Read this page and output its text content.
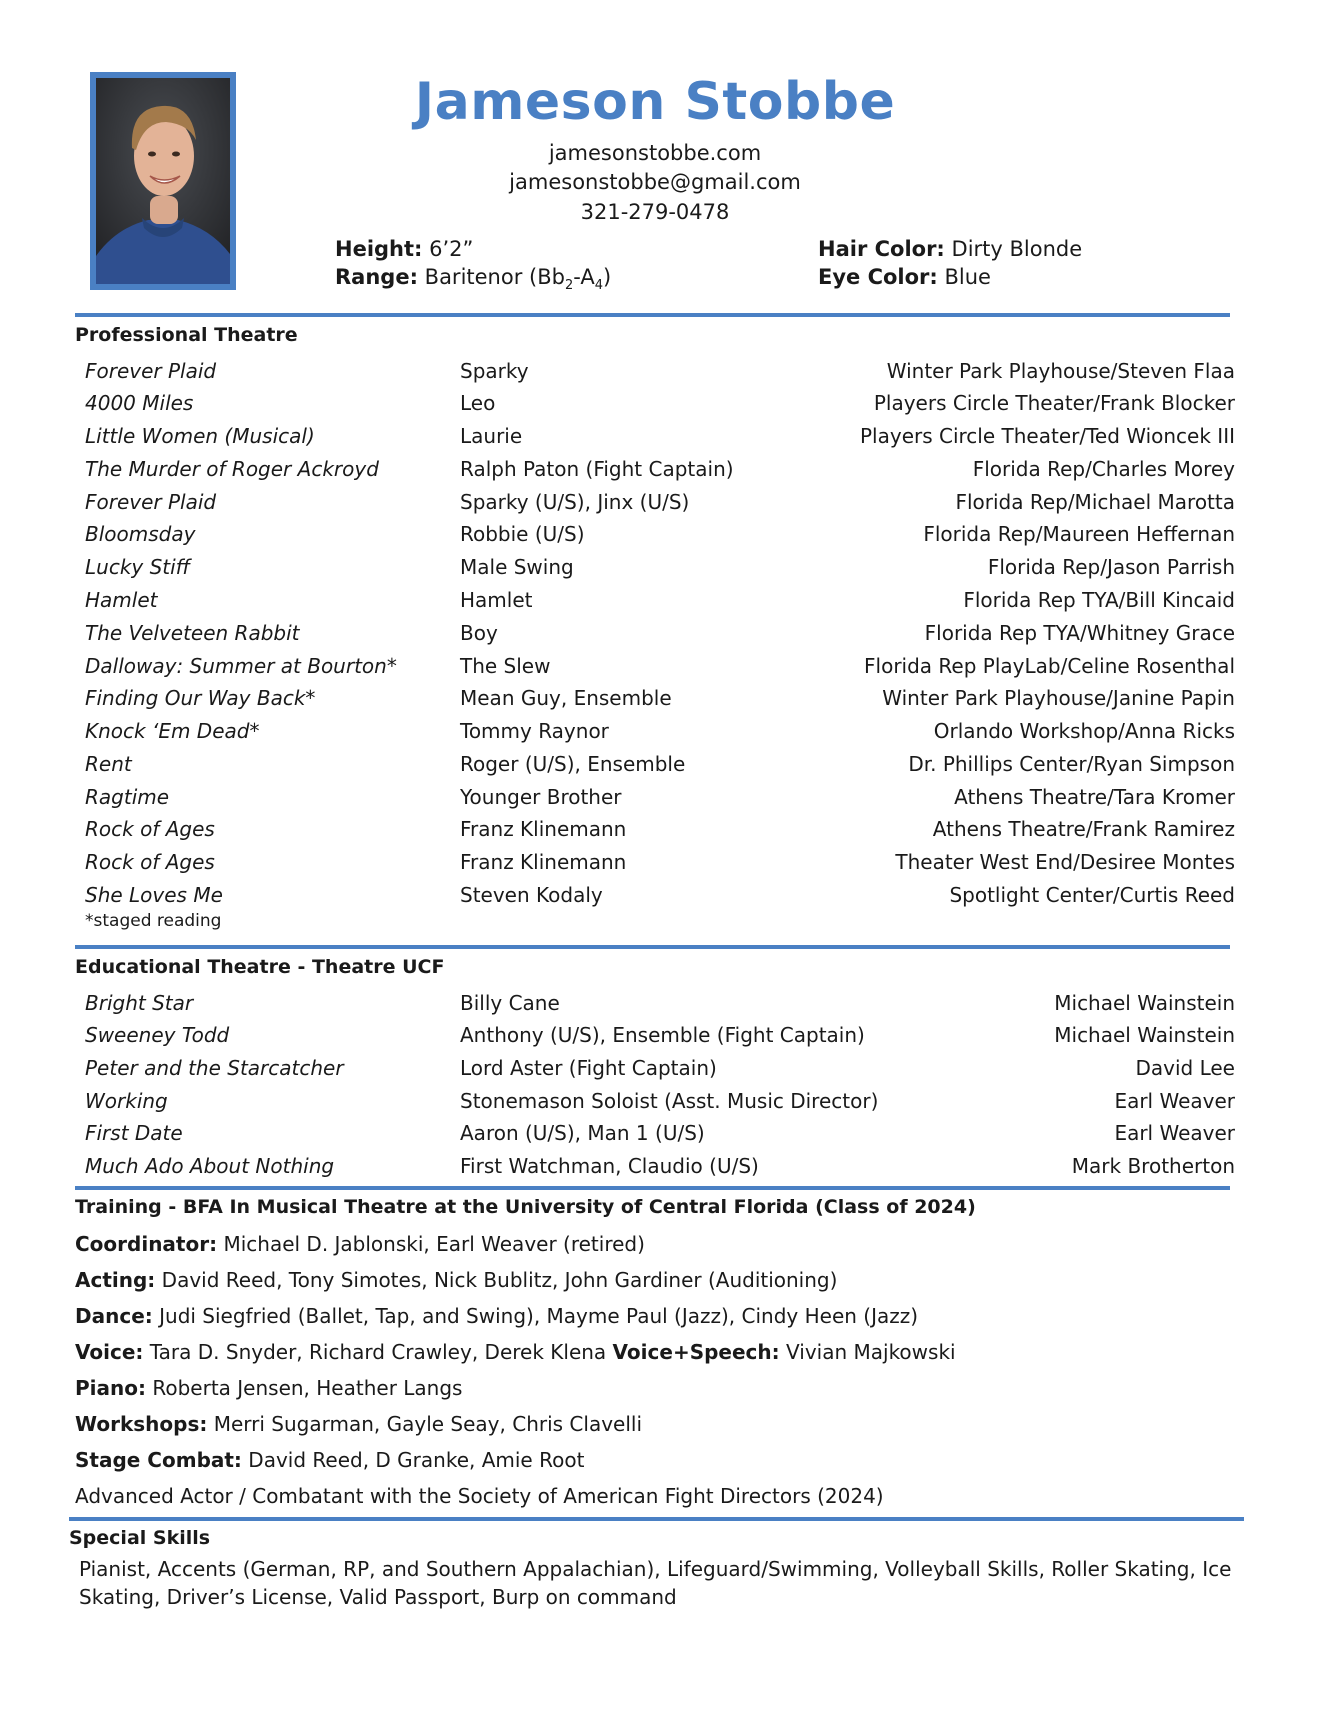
Jameson Stobbe
jamesonstobbe.com
jamesonstobbe@gmail.com
321-279-0478
Height: 6’2”
Range: Baritenor $(Bb_2-A_4)$
Hair Color: Dirty Blonde
Eye Color: Blue
Professional Theatre
Forever Plaid	Sparky	Winter Park Playhouse/Steven Flaa
4000 Miles	Leo	Players Circle Theater/Frank Blocker
Little Women (Musical)	Laurie	Players Circle Theater/Ted Wioncek III
The Murder of Roger Ackroyd	Ralph Paton (Fight Captain)	Florida Rep/Charles Morey
Forever Plaid	Sparky (U/S), Jinx (U/S)	Florida Rep/Michael Marotta
Bloomsday	Robbie (U/S)	Florida Rep/Maureen Heffernan
Lucky Stiff	Male Swing	Florida Rep/Jason Parrish
Hamlet	Hamlet	Florida Rep TYA/Bill Kincaid
The Velveteen Rabbit	Boy	Florida Rep TYA/Whitney Grace
Dalloway: Summer at Bourton*	The Slew	Florida Rep PlayLab/Celine Rosenthal
Finding Our Way Back*	Mean Guy, Ensemble	Winter Park Playhouse/Janine Papin
Knock ‘Em Dead*	Tommy Raynor	Orlando Workshop/Anna Ricks
Rent	Roger (U/S), Ensemble	Dr. Phillips Center/Ryan Simpson
Ragtime	Younger Brother	Athens Theatre/Tara Kromer
Rock of Ages	Franz Klinemann	Athens Theatre/Frank Ramirez
Rock of Ages	Franz Klinemann	Theater West End/Desiree Montes
She Loves Me	Steven Kodaly	Spotlight Center/Curtis Reed
*staged reading
Educational Theatre - Theatre UCF
Bright Star	Billy Cane	Michael Wainstein
Sweeney Todd	Anthony (U/S), Ensemble (Fight Captain)	Michael Wainstein
Peter and the Starcatcher	Lord Aster (Fight Captain)	David Lee
Working	Stonemason Soloist (Asst. Music Director)	Earl Weaver
First Date	Aaron (U/S), Man 1 (U/S)	Earl Weaver
Much Ado About Nothing	First Watchman, Claudio (U/S)	Mark Brotherton
Training - BFA In Musical Theatre at the University of Central Florida (Class of 2024)
Coordinator: Michael D. Jablonski, Earl Weaver (retired)
Acting: David Reed, Tony Simotes, Nick Bublitz, John Gardiner (Auditioning)
Dance: Judi Siegfried (Ballet, Tap, and Swing), Mayme Paul (Jazz), Cindy Heen (Jazz)
Voice: Tara D. Snyder, Richard Crawley, Derek Klena Voice+Speech: Vivian Majkowski
Piano: Roberta Jensen, Heather Langs
Workshops: Merri Sugarman, Gayle Seay, Chris Clavelli
Stage Combat: David Reed, D Granke, Amie Root
Advanced Actor / Combatant with the Society of American Fight Directors (2024)
Special Skills
Pianist, Accents (German, RP, and Southern Appalachian), Lifeguard/Swimming, Volleyball Skills, Roller Skating, Ice Skating, Driver’s License, Valid Passport, Burp on command
